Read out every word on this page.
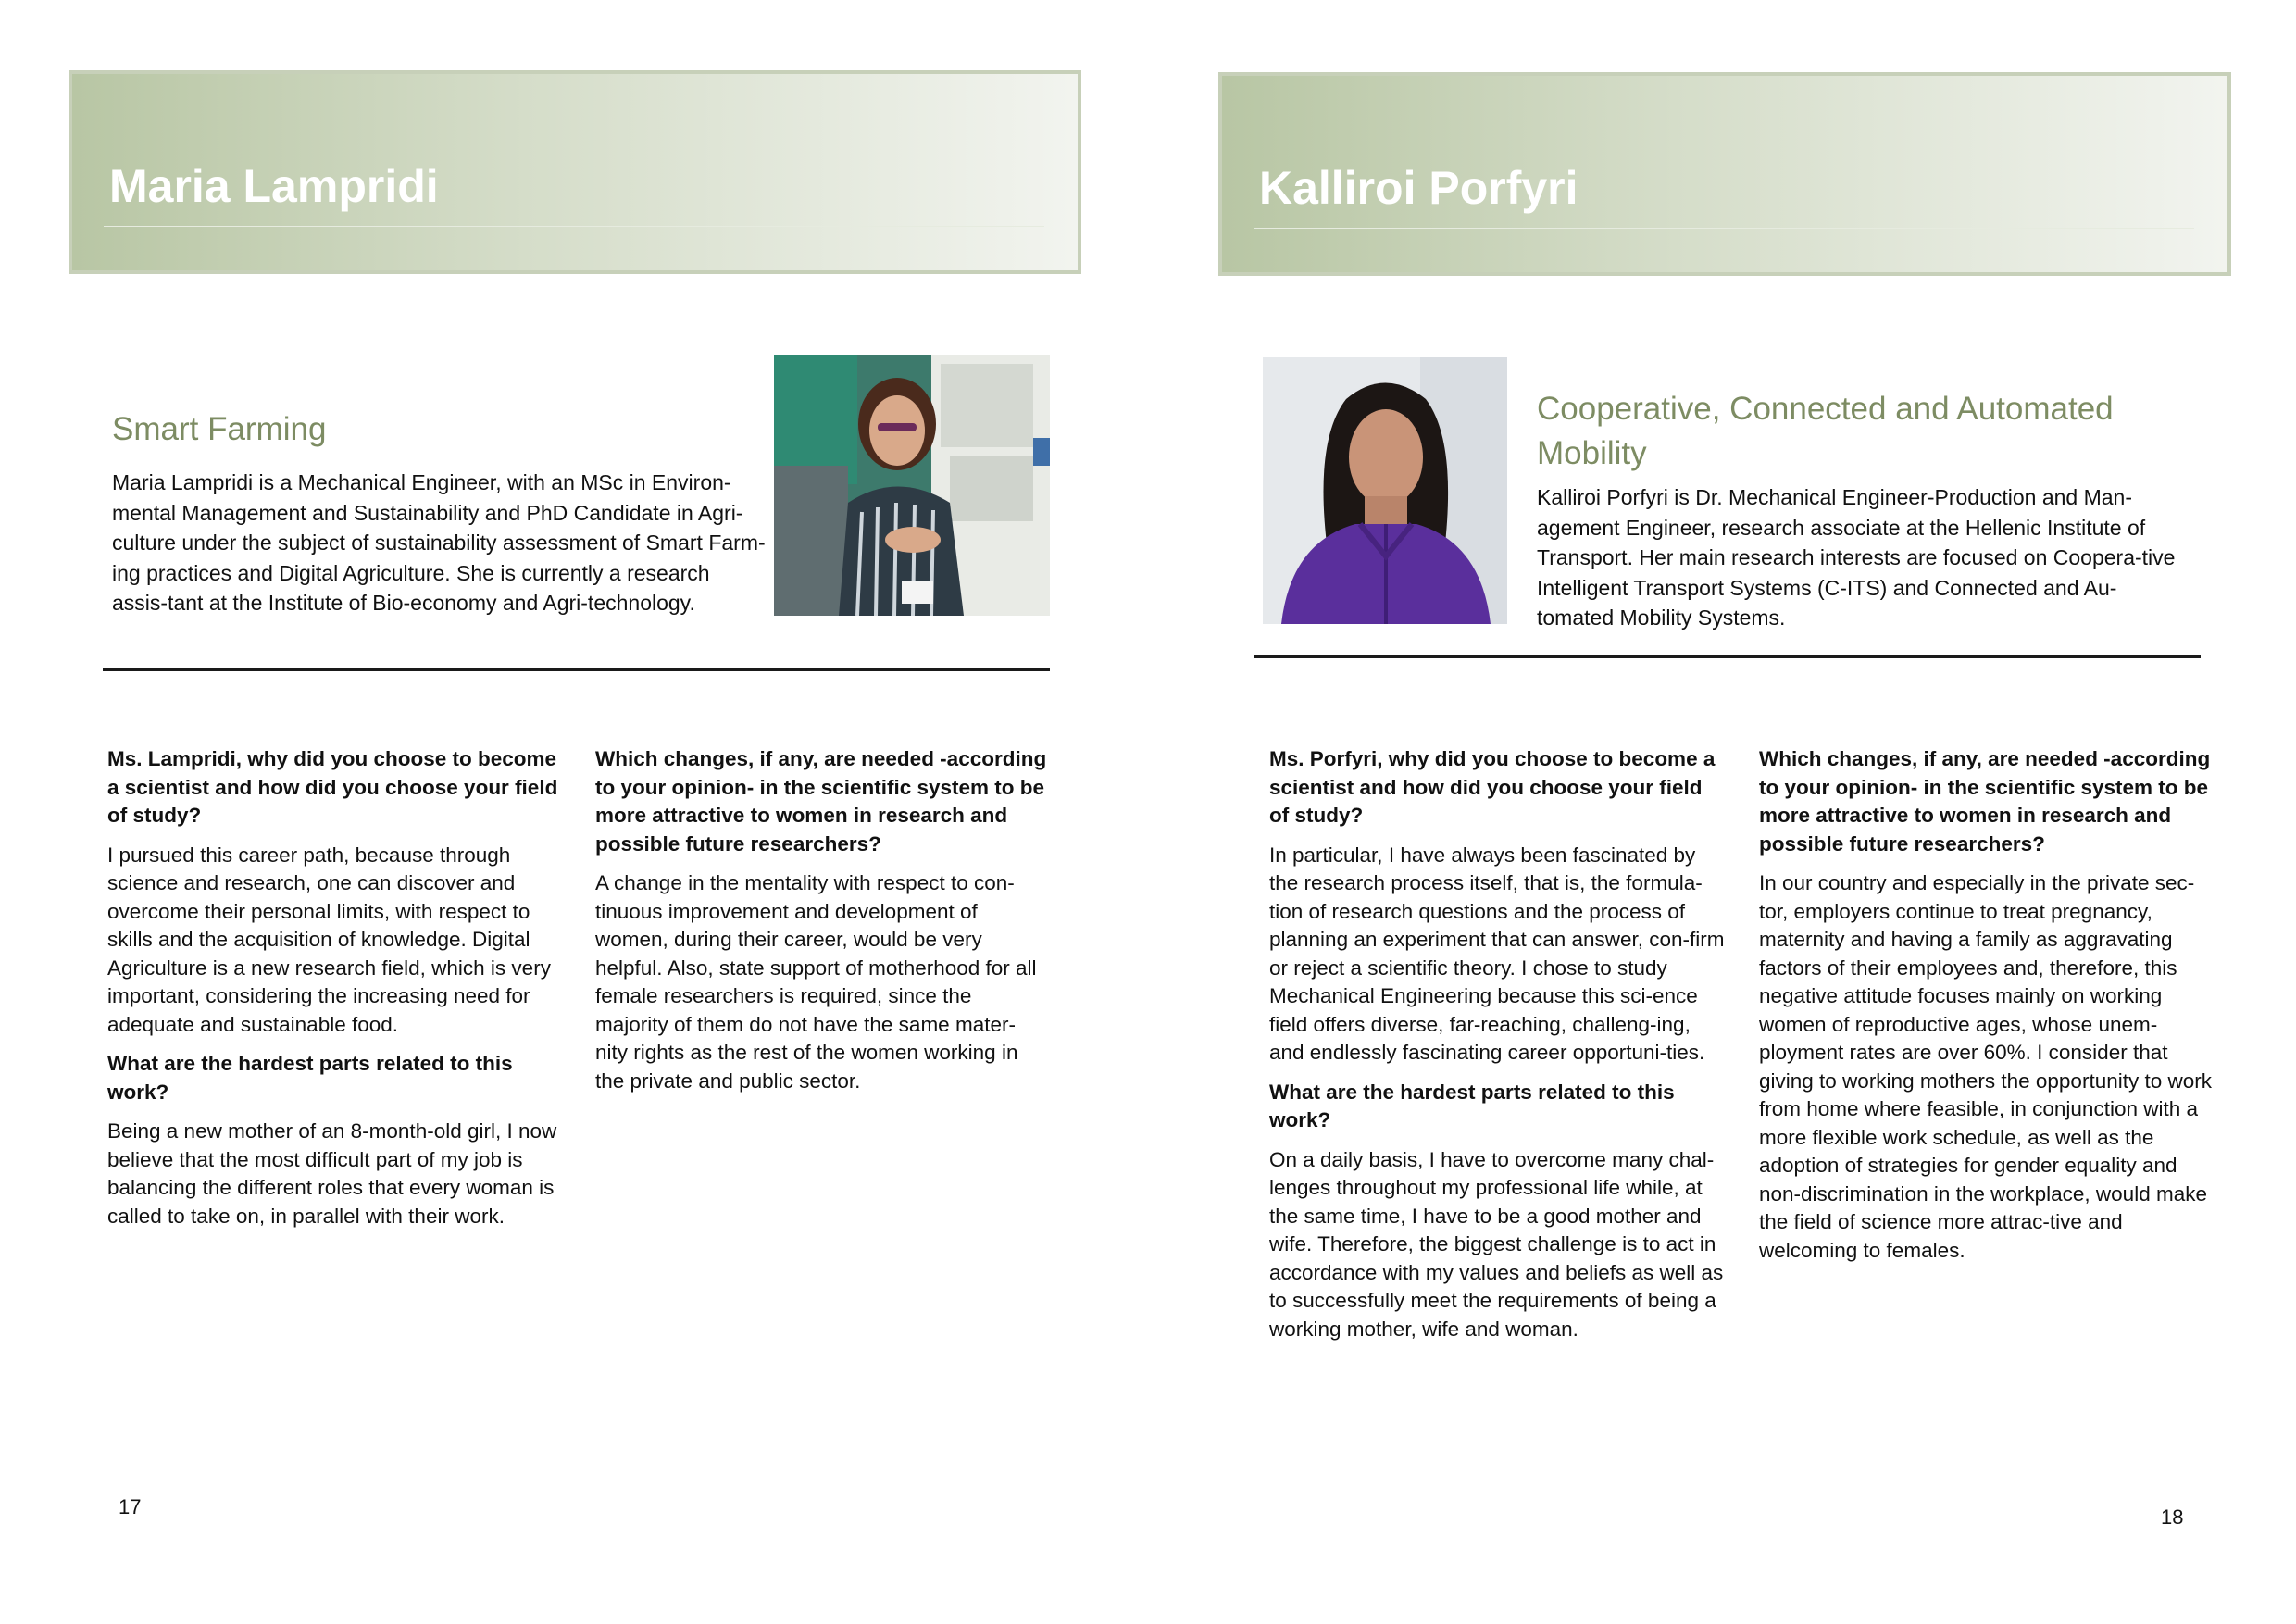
Maria Lampridi
Smart Farming

Maria Lampridi is a Mechanical Engineer, with an MSc in Environ-mental Management and Sustainability and PhD Candidate in Agri-culture under the subject of sustainability assessment of Smart Farm-ing practices and Digital Agriculture. She is currently a research assis-tant at the Institute of Bio-economy and Agri-technology.

Ms. Lampridi, why did you choose to become a scientist and how did you choose your field of study?

I pursued this career path, because through science and research, one can discover and overcome their personal limits, with respect to skills and the acquisition of knowledge. Digital Agriculture is a new research field, which is very important, considering the increasing need for adequate and sustainable food.

What are the hardest parts related to this work?

Being a new mother of an 8-month-old girl, I now believe that the most difficult part of my job is balancing the different roles that every woman is called to take on, in parallel with their work.

Which changes, if any, are needed -according to your opinion- in the scientific system to be more attractive to women in research and possible future researchers?

A change in the mentality with respect to con-tinuous improvement and development of women, during their career, would be very helpful. Also, state support of motherhood for all female researchers is required, since the majority of them do not have the same mater-nity rights as the rest of the women working in the private and public sector.

17

Kalliroi Porfyri
Cooperative, Connected and Automated Mobility

Kalliroi Porfyri is Dr. Mechanical Engineer-Production and Man-agement Engineer, research associate at the Hellenic Institute of Transport. Her main research interests are focused on Coopera-tive Intelligent Transport Systems (C-ITS) and Connected and Au-tomated Mobility Systems.

Ms. Porfyri, why did you choose to become a scientist and how did you choose your field of study?

In particular, I have always been fascinated by the research process itself, that is, the formula-tion of research questions and the process of planning an experiment that can answer, con-firm or reject a scientific theory. I chose to study Mechanical Engineering because this sci-ence field offers diverse, far-reaching, challeng-ing, and endlessly fascinating career opportuni-ties.

What are the hardest parts related to this work?

On a daily basis, I have to overcome many chal-lenges throughout my professional life while, at the same time, I have to be a good mother and wife. Therefore, the biggest challenge is to act in accordance with my values and beliefs as well as to successfully meet the requirements of being a working mother, wife and woman.

Which changes, if any, are needed -according to your opinion- in the scientific system to be more attractive to women in research and possible future researchers?

In our country and especially in the private sec-tor, employers continue to treat pregnancy, maternity and having a family as aggravating factors of their employees and, therefore, this negative attitude focuses mainly on working women of reproductive ages, whose unem-ployment rates are over 60%. I consider that giving to working mothers the opportunity to work from home where feasible, in conjunction with a more flexible work schedule, as well as the adoption of strategies for gender equality and non-discrimination in the workplace, would make the field of science more attrac-tive and welcoming to females.

18
